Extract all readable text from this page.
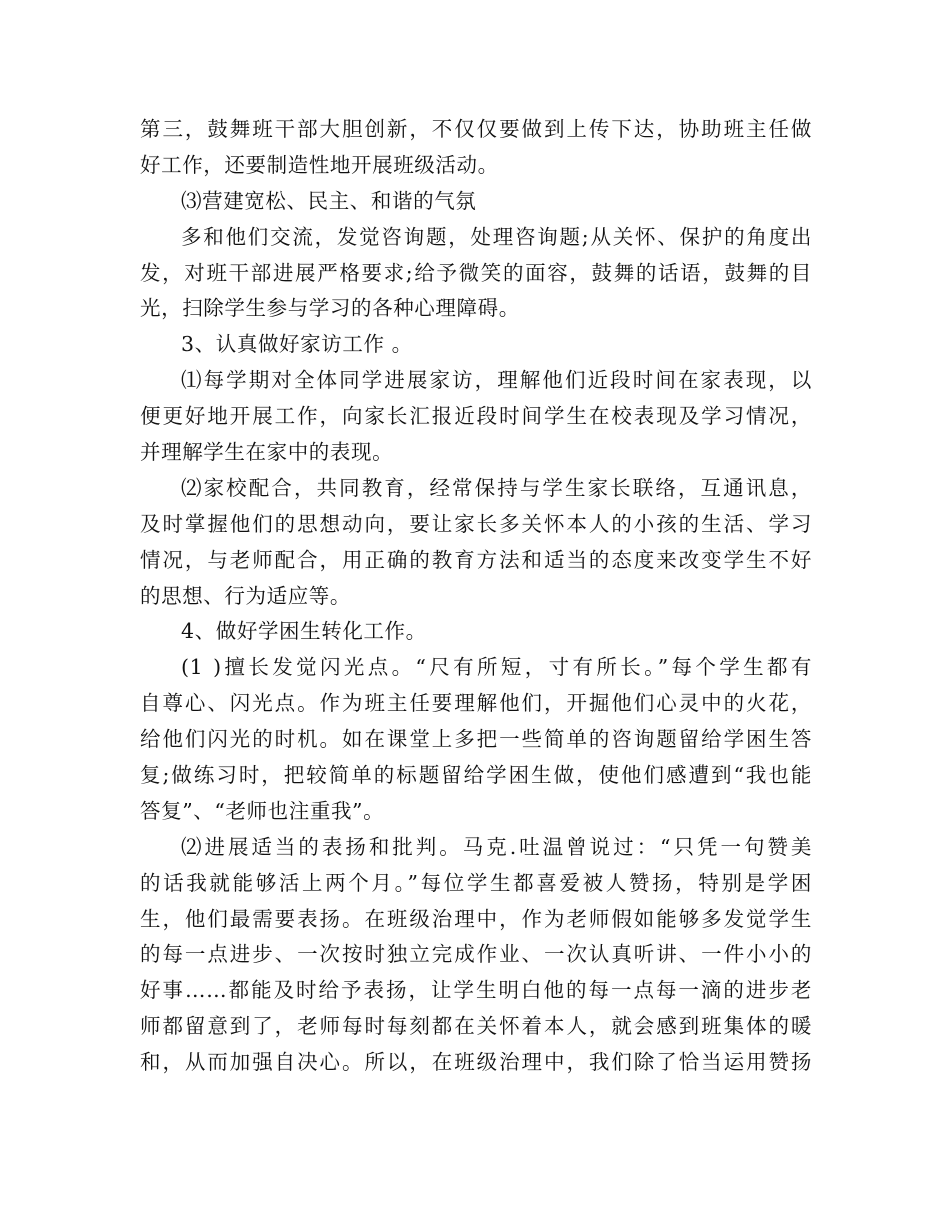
第三，鼓舞班干部大胆创新，不仅仅要做到上传下达，协助班主任做
好工作，还要制造性地开展班级活动。
⑶营建宽松、民主、和谐的气氛
多和他们交流，发觉咨询题，处理咨询题;从关怀、保护的角度出
发，对班干部进展严格要求;给予微笑的面容，鼓舞的话语，鼓舞的目
光，扫除学生参与学习的各种心理障碍。
3、认真做好家访工作 。
⑴每学期对全体同学进展家访，理解他们近段时间在家表现，以
便更好地开展工作，向家长汇报近段时间学生在校表现及学习情况，
并理解学生在家中的表现。
⑵家校配合，共同教育，经常保持与学生家长联络，互通讯息，
及时掌握他们的思想动向，要让家长多关怀本人的小孩的生活、学习
情况，与老师配合，用正确的教育方法和适当的态度来改变学生不好
的思想、行为适应等。
4、做好学困生转化工作。
(1 )擅长发觉闪光点。“尺有所短，寸有所长。”每个学生都有
自尊心、闪光点。作为班主任要理解他们，开掘他们心灵中的火花，
给他们闪光的时机。如在课堂上多把一些简单的咨询题留给学困生答
复;做练习时，把较简单的标题留给学困生做，使他们感遭到“我也能
答复”、“老师也注重我”。
⑵进展适当的表扬和批判。马克.吐温曾说过：“只凭一句赞美
的话我就能够活上两个月。”每位学生都喜爱被人赞扬，特别是学困
生，他们最需要表扬。在班级治理中，作为老师假如能够多发觉学生
的每一点进步、一次按时独立完成作业、一次认真听讲、一件小小的
好事……都能及时给予表扬，让学生明白他的每一点每一滴的进步老
师都留意到了，老师每时每刻都在关怀着本人，就会感到班集体的暖
和，从而加强自决心。所以，在班级治理中，我们除了恰当运用赞扬
